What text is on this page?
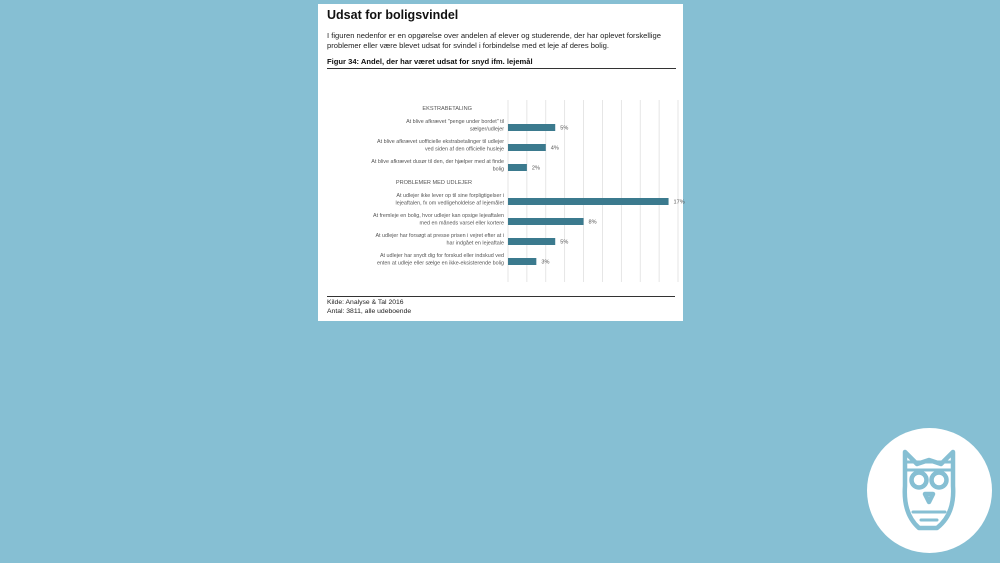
Udsat for boligsvindel

I figuren nedenfor er en opgørelse over andelen af elever og studerende, der har oplevet forskellige problemer eller være blevet udsat for svindel i forbindelse med et leje af deres bolig.

Figur 34: Andel, der har været udsat for snyd ifm. lejemål
EKSTRABETALING
At blive afkrævet "penge under bordet" til
sælger/udlejer	5%
At blive afkrævet uofficielle ekstrabetalinger til udlejer
ved siden af den officielle husleje	4%
At blive afkrævet dusør til den, der hjælper med at finde
bolig	2%
PROBLEMER MED UDLEJER
At udlejer ikke lever op til sine forpligtigelser i
lejeaftalen, fx om vedligeholdelse af lejemålet	17%
At fremleje en bolig, hvor udlejer kan opsige lejeaftalen
med en måneds varsel eller kortere	8%
At udlejer har forsøgt at presse prisen i vejret efter at i
har indgået en lejeaftale	5%
At udlejer har snydt dig for forskud eller indskud ved
enten at udleje eller sælge en ikke-eksisterende bolig	3%
Kilde: Analyse & Tal 2016
Antal: 3811, alle udeboende
